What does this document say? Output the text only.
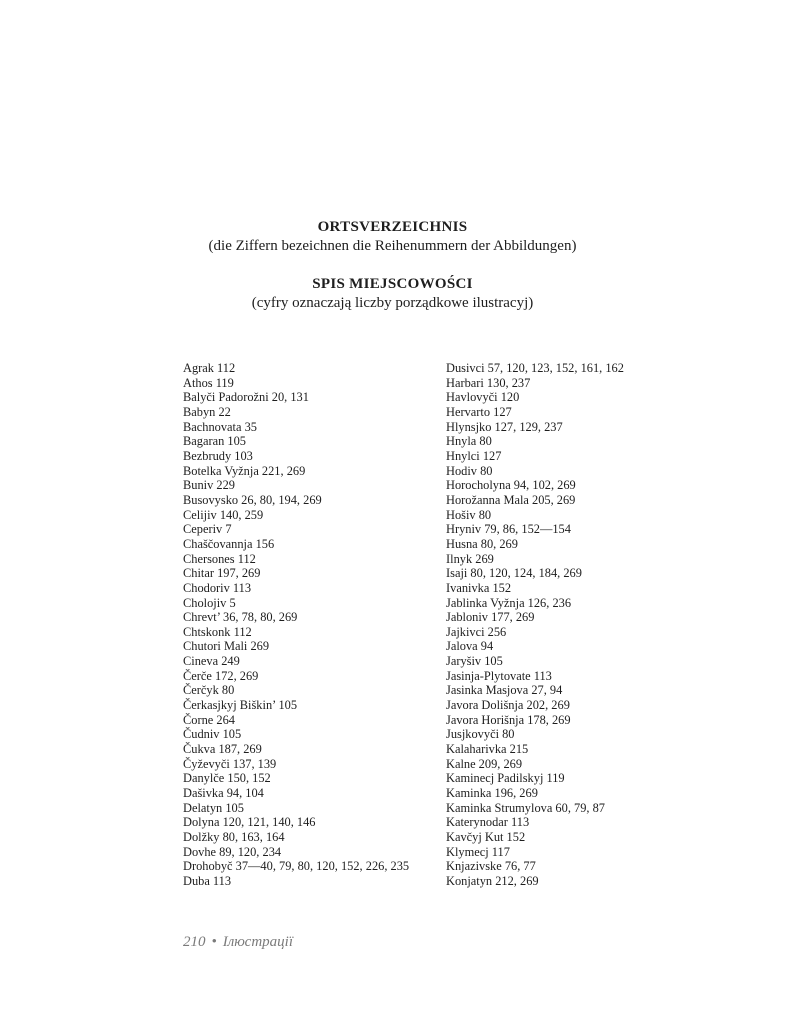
ORTSVERZEICHNIS

(die Ziffern bezeichnen die Reihenummern der Abbildungen)

SPIS MIEJSCOWOŚCI

(cyfry oznaczają liczby porządkowe ilustracyj)

Agrak 112
Athos 119
Balyči Padorožni 20, 131
Babyn 22
Bachnovata 35
Bagaran 105
Bezbrudy 103
Botelka Vyžnja 221, 269
Buniv 229
Busovysko 26, 80, 194, 269
Celijiv 140, 259
Ceperiv 7
Chaščovannja 156
Chersones 112
Chitar 197, 269
Chodoriv 113
Cholojiv 5
Chrevt’ 36, 78, 80, 269
Chtskonk 112
Chutori Mali 269
Cineva 249
Čerče 172, 269
Čerčyk 80
Čerkasjkyj Biškin’ 105
Čorne 264
Čudniv 105
Čukva 187, 269
Čyževyči 137, 139
Danylče 150, 152
Dašivka 94, 104
Delatyn 105
Dolyna 120, 121, 140, 146
Dolžky 80, 163, 164
Dovhe 89, 120, 234
Drohobyč 37—40, 79, 80, 120, 152, 226, 235
Duba 113
Dusivci 57, 120, 123, 152, 161, 162
Harbari 130, 237
Havlovyči 120
Hervarto 127
Hlynsjko 127, 129, 237
Hnyla 80
Hnylci 127
Hodiv 80
Horocholyna 94, 102, 269
Horožanna Mala 205, 269
Hošiv 80
Hryniv 79, 86, 152—154
Husna 80, 269
Ilnyk 269
Isaji 80, 120, 124, 184, 269
Ivanivka 152
Jablinka Vyžnja 126, 236
Jabloniv 177, 269
Jajkivci 256
Jalova 94
Jaryšiv 105
Jasinja-Plytovate 113
Jasinka Masjova 27, 94
Javora Dolišnja 202, 269
Javora Horišnja 178, 269
Jusjkovyči 80
Kalaharivka 215
Kalne 209, 269
Kaminecj Padilskyj 119
Kaminka 196, 269
Kaminka Strumylova 60, 79, 87
Katerynodar 113
Kavčyj Kut 152
Klymecj 117
Knjazivske 76, 77
Konjatyn 212, 269
210 • Ілюстрації
